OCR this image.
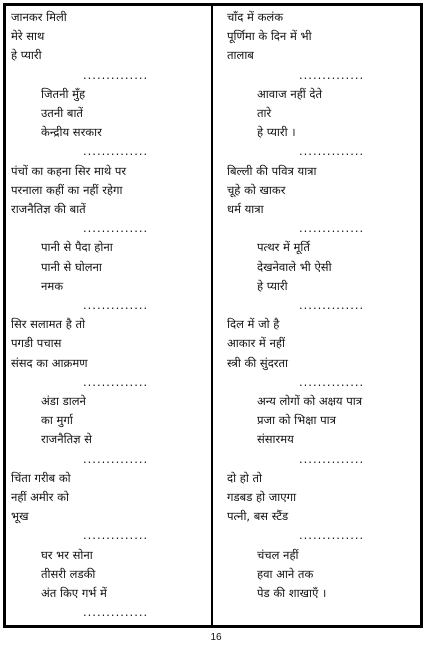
जानकर मिली
मेरे साथ
हे प्यारी
..............
जितनी मुँह
उतनी बातें
केन्द्रीय सरकार
..............
पंचों का कहना सिर माथे पर
परनाला कहीं का नहीं रहेगा
राजनैतिज्ञ की बातें
..............
पानी से पैदा होना
पानी से घोलना
नमक
..............
सिर सलामत है तो
पगडी पचास
संसद का आक्रमण
..............
अंडा डालने
का मुर्गा
राजनैतिज्ञ से
..............
चिंता गरीब को
नहीं अमीर को
भूख
..............
घर भर सोना
तीसरी लडकी
अंत किए गर्भ में
..............
चाँद में कलंक
पूर्णिमा के दिन में भी
तालाब
..............
आवाज नहीं देते
तारे
हे प्यारी ।
..............
बिल्ली की पवित्र यात्रा
चूहे को खाकर
धर्म यात्रा
..............
पत्थर में मूर्ति
देखनेवाले भी ऐसी
हे प्यारी
..............
दिल में जो है
आकार में नहीं
स्त्री की सुंदरता
..............
अन्य लोगों को अक्षय पात्र
प्रजा को भिक्षा पात्र
संसारमय
..............
दो हो तो
गडबड हो जाएगा
पत्नी, बस स्टैंड
..............
चंचल नहीं
हवा आने तक
पेड की शाखाएँ ।
16
